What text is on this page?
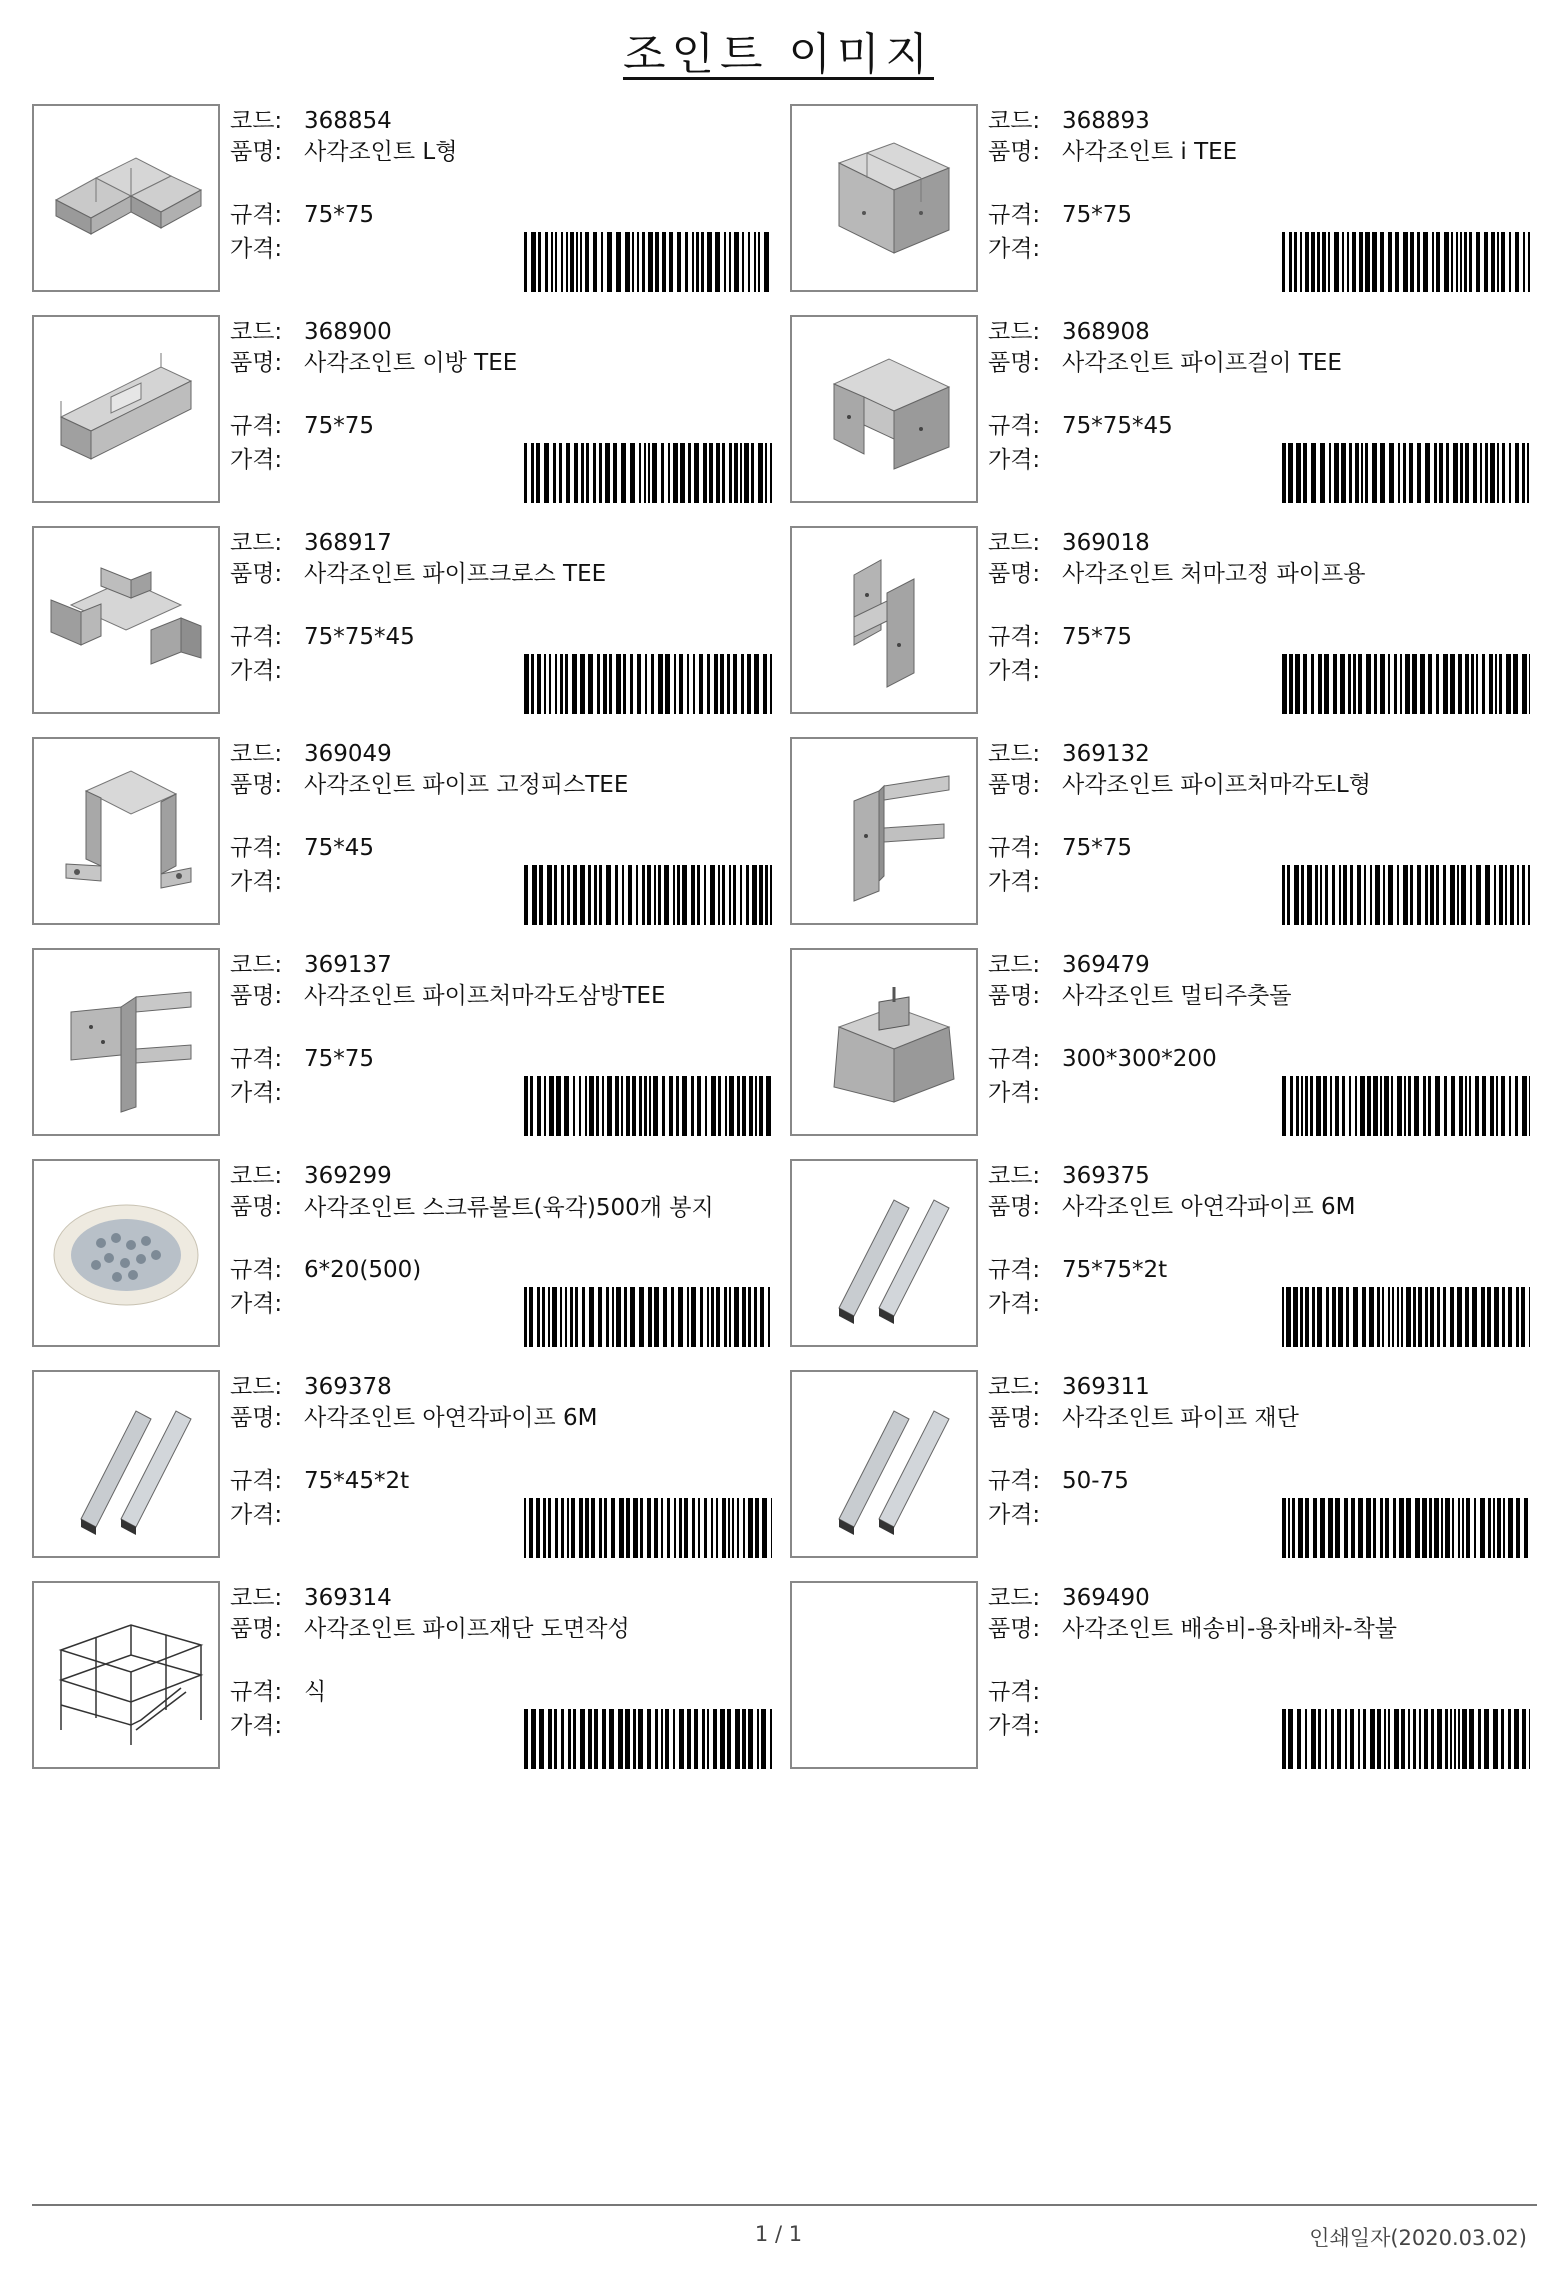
조인트 이미지
코드: 368854
품명: 사각조인트 L형
규격: 75*75
가격:
코드: 368893
품명: 사각조인트 i TEE
규격: 75*75
가격:
코드: 368900
품명: 사각조인트 이방 TEE
규격: 75*75
가격:
코드: 368908
품명: 사각조인트 파이프걸이 TEE
규격: 75*75*45
가격:
코드: 368917
품명: 사각조인트 파이프크로스 TEE
규격: 75*75*45
가격:
코드: 369018
품명: 사각조인트 처마고정 파이프용
규격: 75*75
가격:
코드: 369049
품명: 사각조인트 파이프 고정피스TEE
규격: 75*45
가격:
코드: 369132
품명: 사각조인트 파이프처마각도L형
규격: 75*75
가격:
코드: 369137
품명: 사각조인트 파이프처마각도삼방TEE
규격: 75*75
가격:
코드: 369479
품명: 사각조인트 멀티주춧돌
규격: 300*300*200
가격:
코드: 369299
품명: 사각조인트 스크류볼트(육각)500개 봉지
규격: 6*20(500)
가격:
코드: 369375
품명: 사각조인트 아연각파이프 6M
규격: 75*75*2t
가격:
코드: 369378
품명: 사각조인트 아연각파이프 6M
규격: 75*45*2t
가격:
코드: 369311
품명: 사각조인트 파이프 재단
규격: 50-75
가격:
코드: 369314
품명: 사각조인트 파이프재단 도면작성
규격: 식
가격:
코드: 369490
품명: 사각조인트 배송비-용차배차-착불
규격:
가격:
1 / 1	인쇄일자(2020.03.02)
